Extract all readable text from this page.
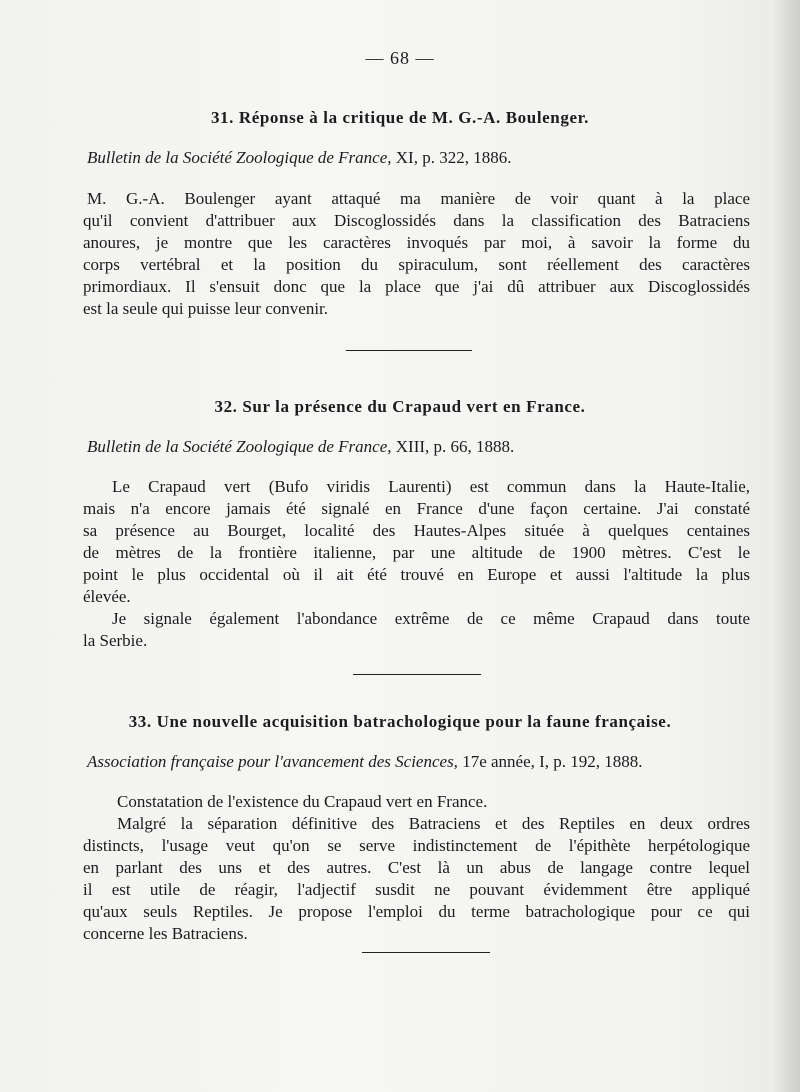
— 68 —
31. Réponse à la critique de M. G.-A. Boulenger.
Bulletin de la Société Zoologique de France, XI, p. 322, 1886.
M. G.-A. Boulenger ayant attaqué ma manière de voir quant à la place
qu'il convient d'attribuer aux Discoglossidés dans la classification des Batraciens
anoures, je montre que les caractères invoqués par moi, à savoir la forme du
corps vertébral et la position du spiraculum, sont réellement des caractères
primordiaux. Il s'ensuit donc que la place que j'ai dû attribuer aux Discoglossidés
est la seule qui puisse leur convenir.
32. Sur la présence du Crapaud vert en France.
Bulletin de la Société Zoologique de France, XIII, p. 66, 1888.
Le Crapaud vert (Bufo viridis Laurenti) est commun dans la Haute-Italie,
mais n'a encore jamais été signalé en France d'une façon certaine. J'ai constaté
sa présence au Bourget, localité des Hautes-Alpes située à quelques centaines
de mètres de la frontière italienne, par une altitude de 1900 mètres. C'est le
point le plus occidental où il ait été trouvé en Europe et aussi l'altitude la plus
élevée.
Je signale également l'abondance extrême de ce même Crapaud dans toute
la Serbie.
33. Une nouvelle acquisition batrachologique pour la faune française.
Association française pour l'avancement des Sciences, 17e année, I, p. 192, 1888.
Constatation de l'existence du Crapaud vert en France.
Malgré la séparation définitive des Batraciens et des Reptiles en deux ordres
distincts, l'usage veut qu'on se serve indistinctement de l'épithète herpétologique
en parlant des uns et des autres. C'est là un abus de langage contre lequel
il est utile de réagir, l'adjectif susdit ne pouvant évidemment être appliqué
qu'aux seuls Reptiles. Je propose l'emploi du terme batrachologique pour ce qui
concerne les Batraciens.
